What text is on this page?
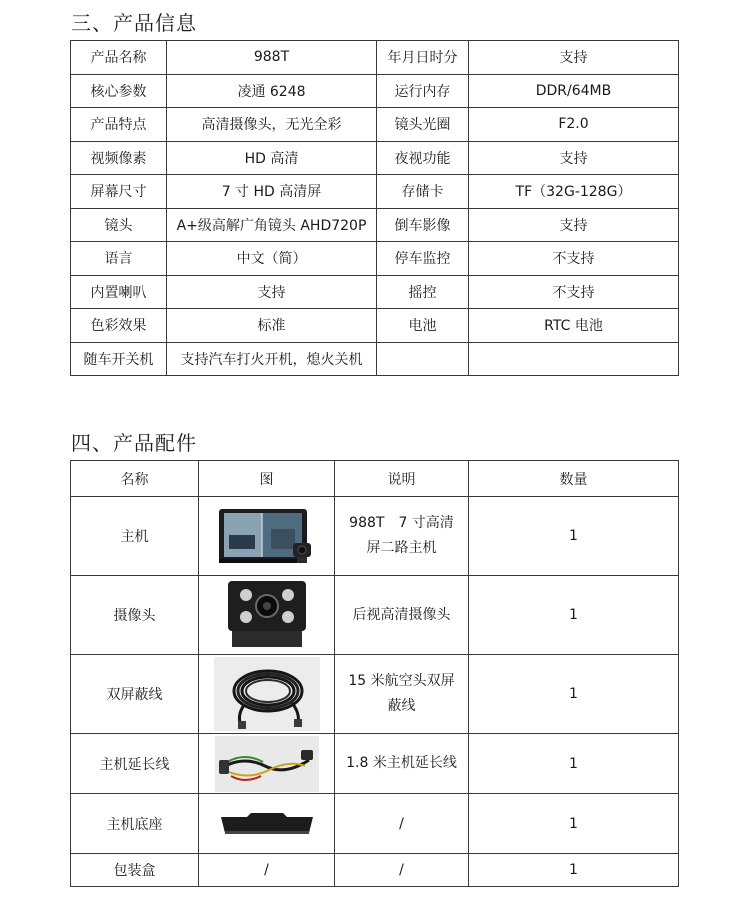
三、产品信息
产品名称	988T	年月日时分	支持
核心参数	凌通 6248	运行内存	DDR/64MB
产品特点	高清摄像头，无光全彩	镜头光圈	F2.0
视频像素	HD 高清	夜视功能	支持
屏幕尺寸	7 寸 HD 高清屏	存储卡	TF（32G-128G）
镜头	A+级高解广角镜头 AHD720P	倒车影像	支持
语言	中文（简）	停车监控	不支持
内置喇叭	支持	摇控	不支持
色彩效果	标准	电池	RTC 电池
随车开关机	支持汽车打火开机，熄火关机		
四、产品配件
名称	图	说明	数量
主机		988T　7 寸高清屏二路主机	1
摄像头		后视高清摄像头	1
双屏蔽线		15 米航空头双屏蔽线	1
主机延长线		1.8 米主机延长线	1
主机底座		/	1
包装盒	/	/	1
